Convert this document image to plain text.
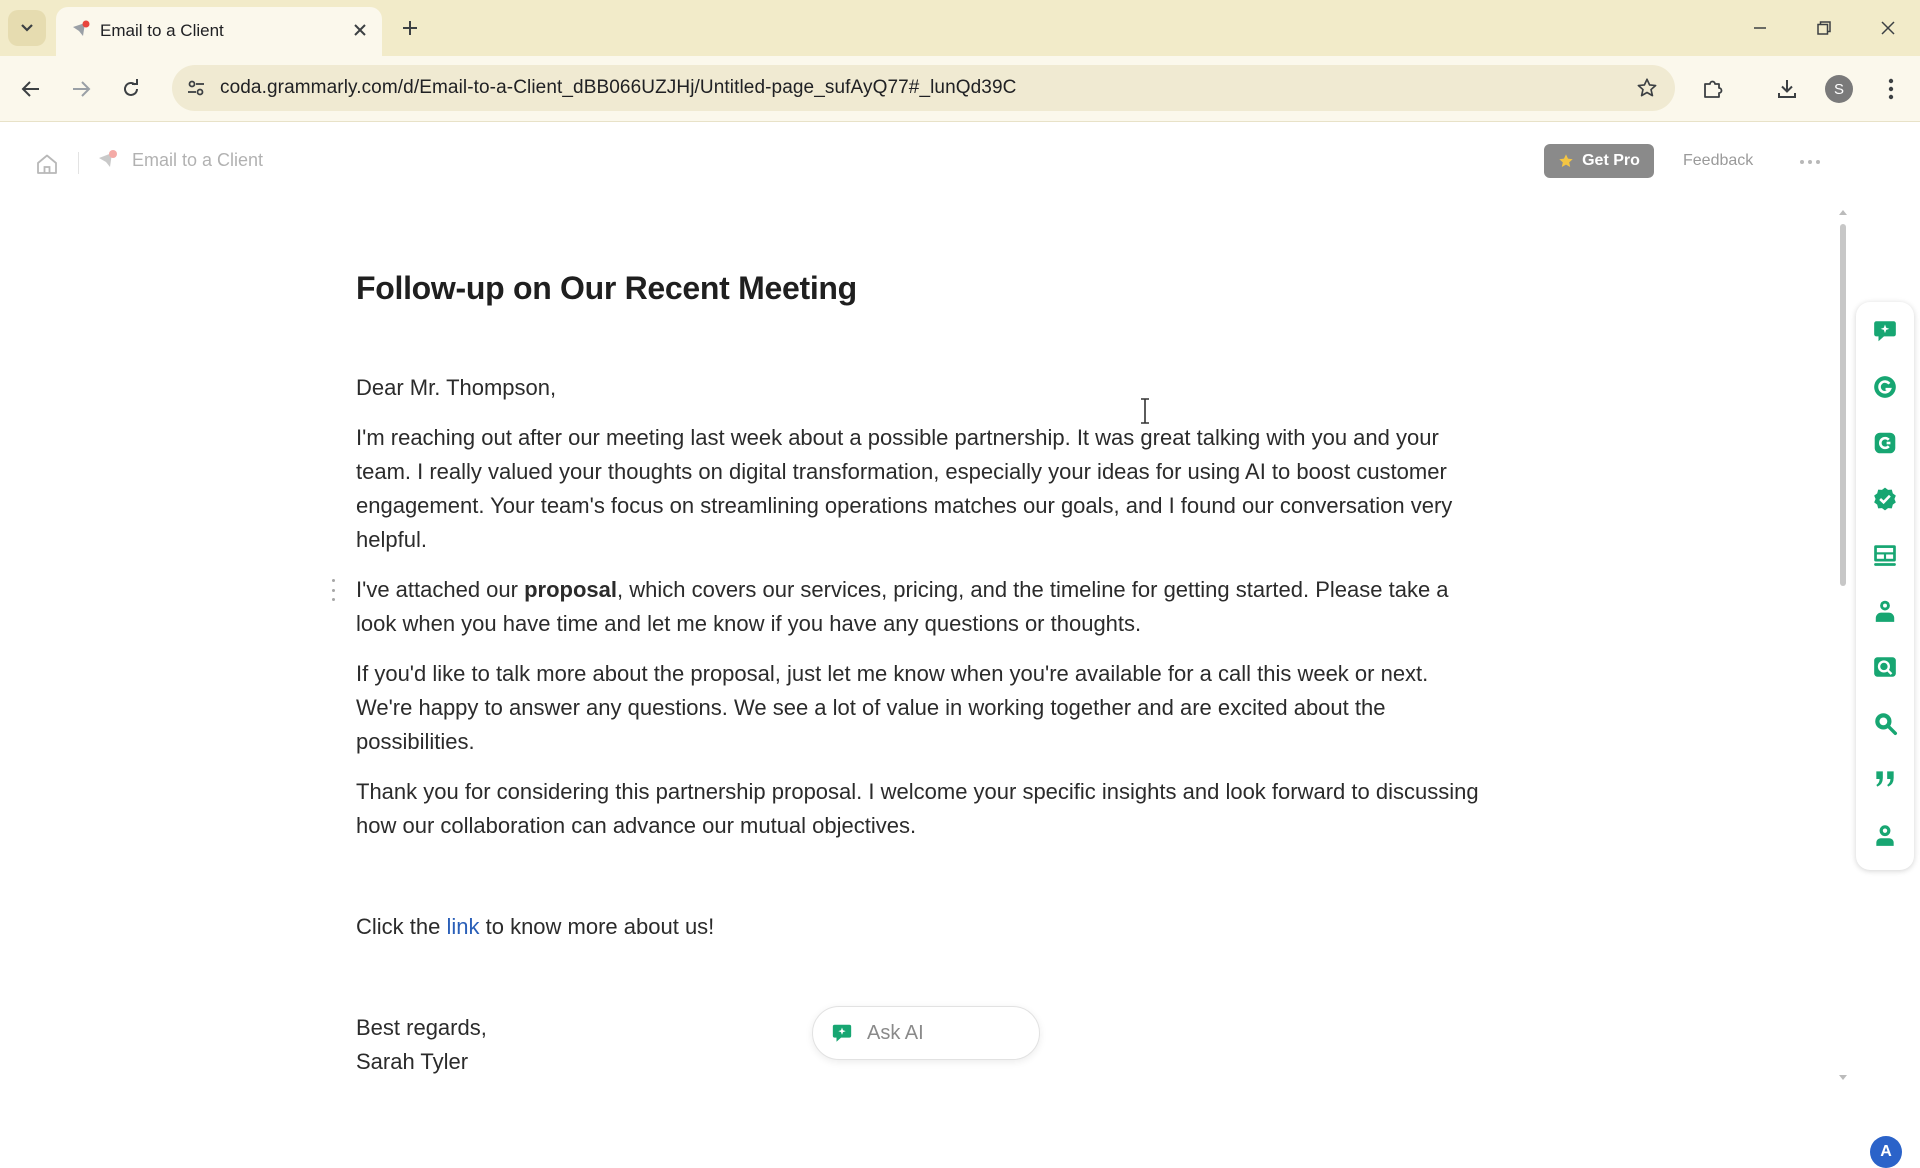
Email to a Client
coda.grammarly.com/d/Email-to-a-Client_dBB066UZJHj/Untitled-page_sufAyQ77#_lunQd39C	S
Email to a Client	Get Pro	Feedback
Follow-up on Our Recent Meeting

Dear Mr. Thompson,

I'm reaching out after our meeting last week about a possible partnership. It was great talking with you and your team. I really valued your thoughts on digital transformation, especially your ideas for using AI to boost customer engagement. Your team's focus on streamlining operations matches our goals, and I found our conversation very helpful.

I've attached our proposal, which covers our services, pricing, and the timeline for getting started. Please take a look when you have time and let me know if you have any questions or thoughts.

If you'd like to talk more about the proposal, just let me know when you're available for a call this week or next. We're happy to answer any questions. We see a lot of value in working together and are excited about the possibilities.

Thank you for considering this partnership proposal. I welcome your specific insights and look forward to discussing how our collaboration can advance our mutual objectives.

Click the link to know more about us!

Best regards,

Sarah Tyler

Ask AI
A
